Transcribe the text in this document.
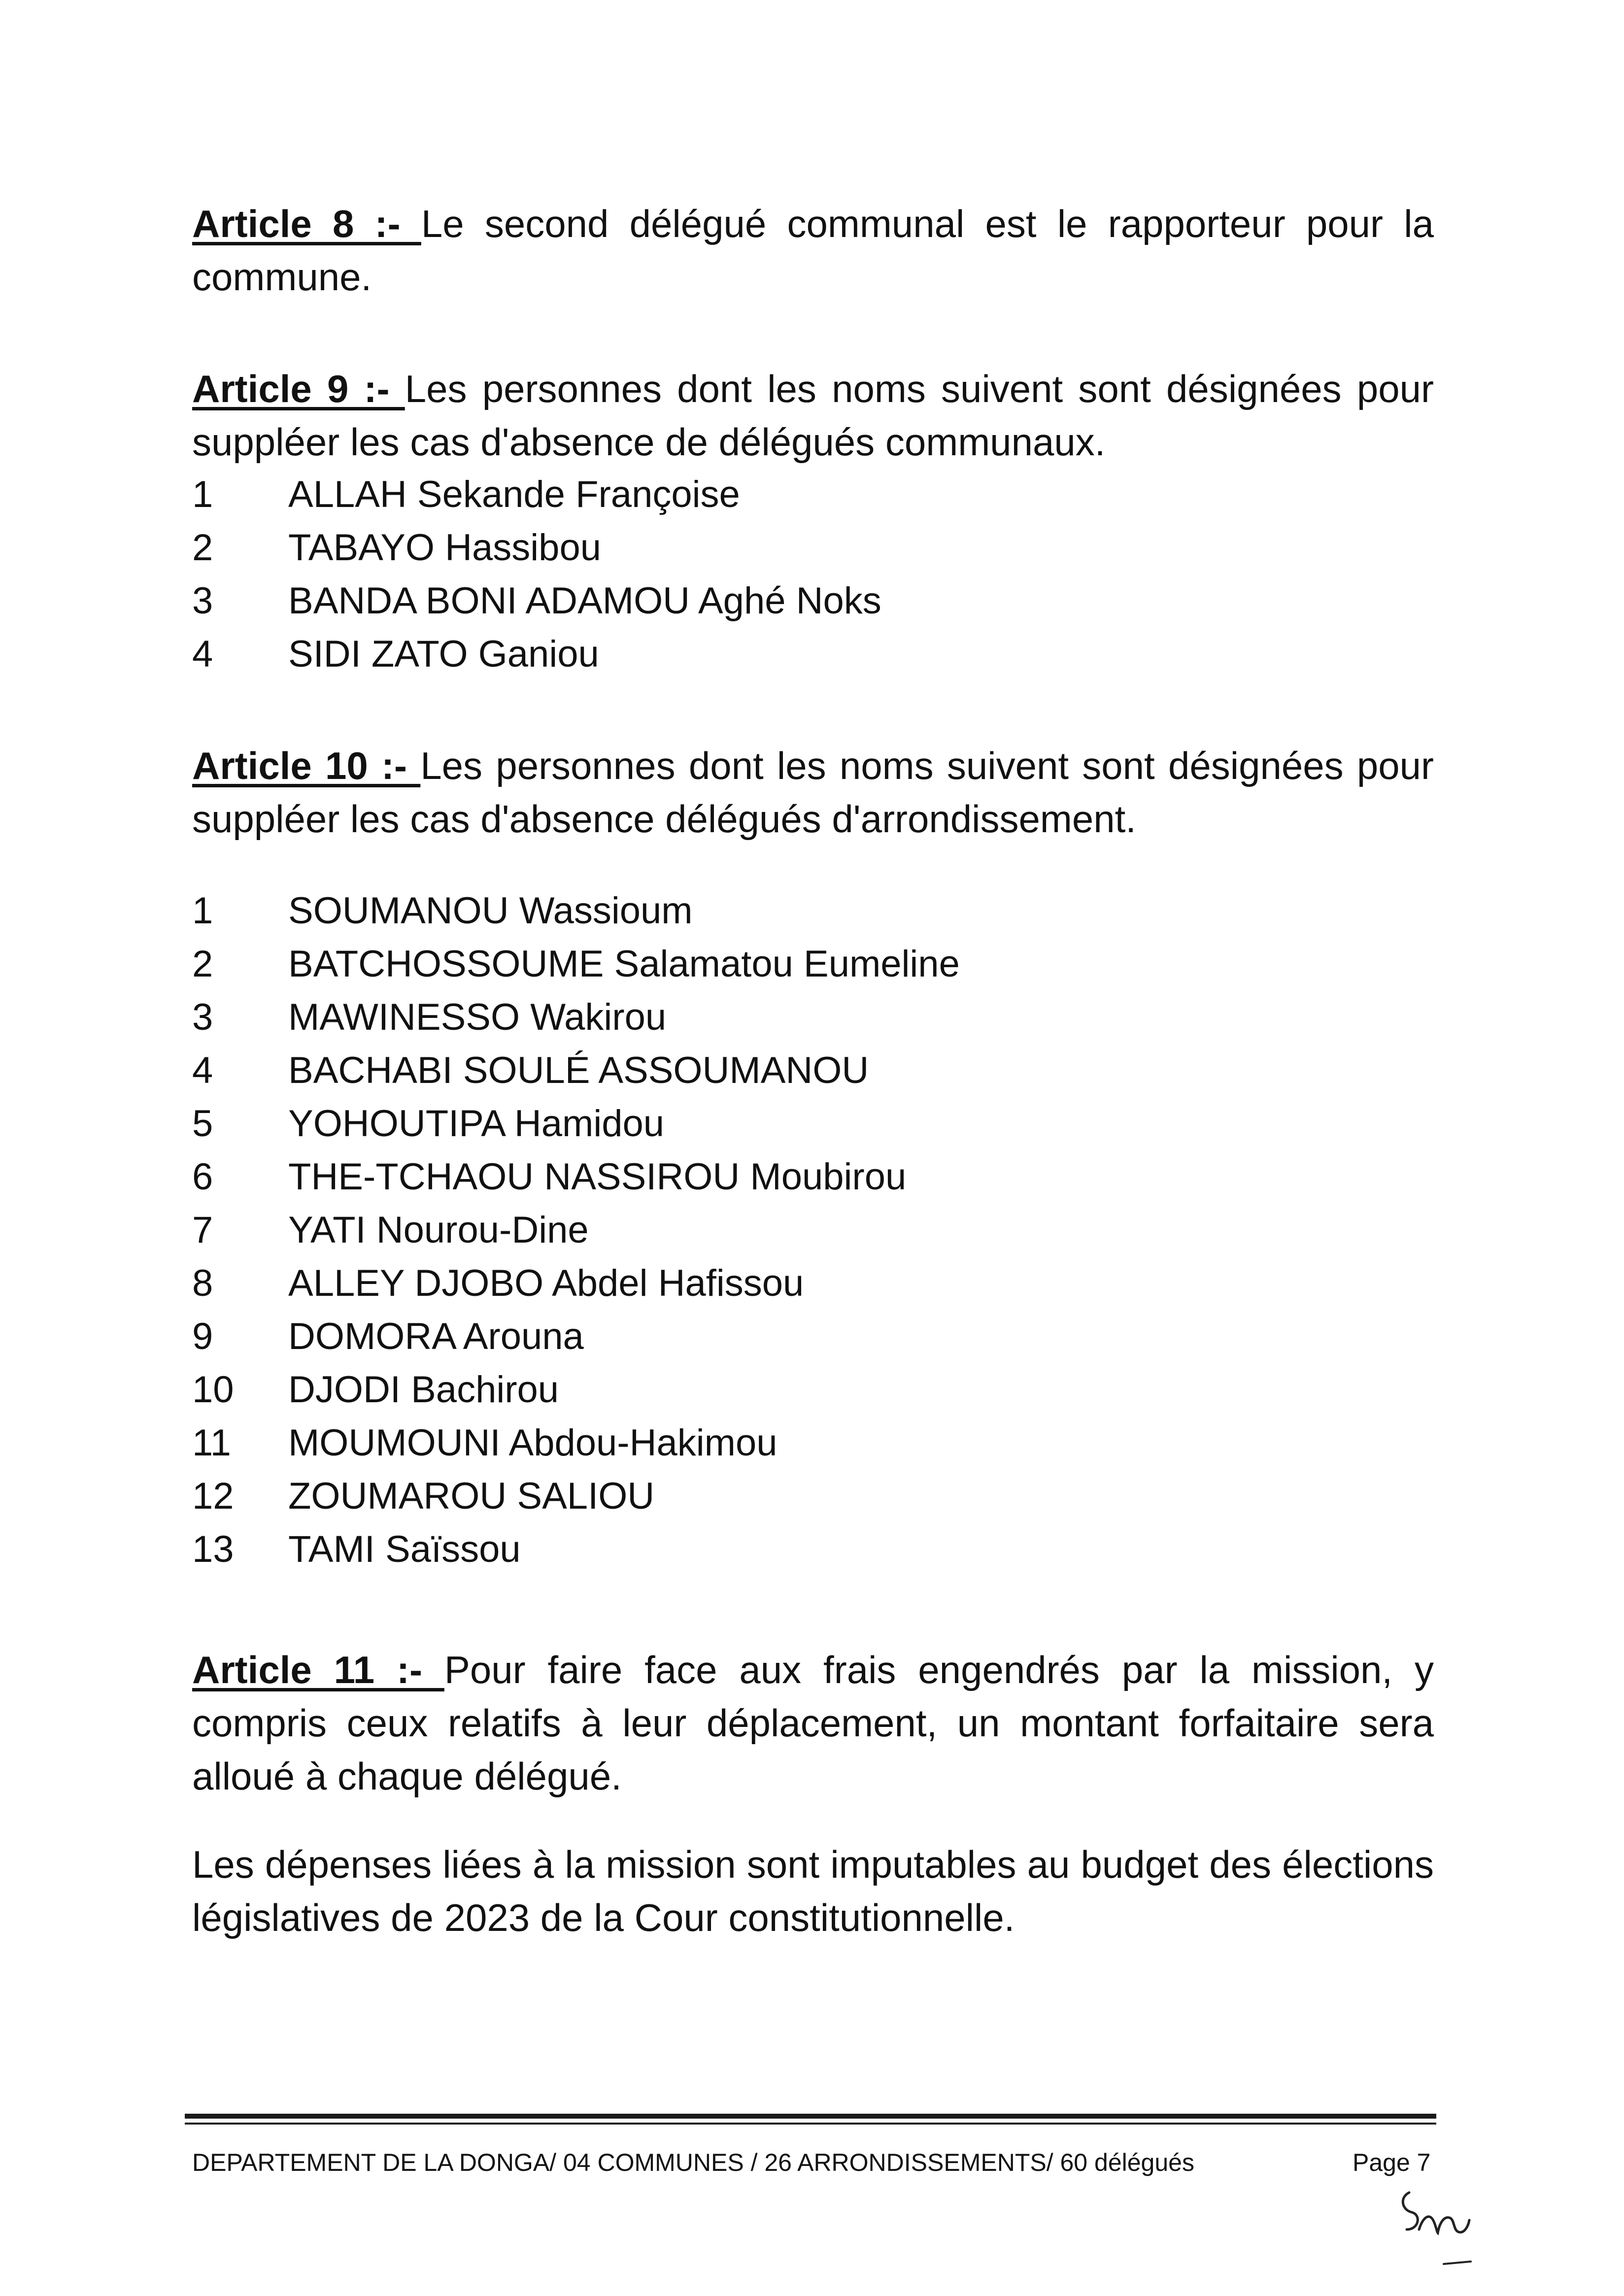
Article 8 :- Le second délégué communal est le rapporteur pour la commune.

Article 9 :- Les personnes dont les noms suivent sont désignées pour suppléer les cas d'absence de délégués communaux.

1 ALLAH Sekande Françoise
2 TABAYO Hassibou
3 BANDA BONI ADAMOU Aghé Noks
4 SIDI ZATO Ganiou

Article 10 :- Les personnes dont les noms suivent sont désignées pour suppléer les cas d'absence délégués d'arrondissement.

1 SOUMANOU Wassioum
2 BATCHOSSOUME Salamatou Eumeline
3 MAWINESSO Wakirou
4 BACHABI SOULÉ ASSOUMANOU
5 YOHOUTIPA Hamidou
6 THE-TCHAOU NASSIROU Moubirou
7 YATI Nourou-Dine
8 ALLEY DJOBO Abdel Hafissou
9 DOMORA Arouna
10 DJODI Bachirou
11 MOUMOUNI Abdou-Hakimou
12 ZOUMAROU SALIOU
13 TAMI Saïssou

Article 11 :- Pour faire face aux frais engendrés par la mission, y compris ceux relatifs à leur déplacement, un montant forfaitaire sera alloué à chaque délégué.

Les dépenses liées à la mission sont imputables au budget des élections législatives de 2023 de la Cour constitutionnelle.

DEPARTEMENT DE LA DONGA/ 04 COMMUNES / 26 ARRONDISSEMENTS/ 60 délégués	Page 7
